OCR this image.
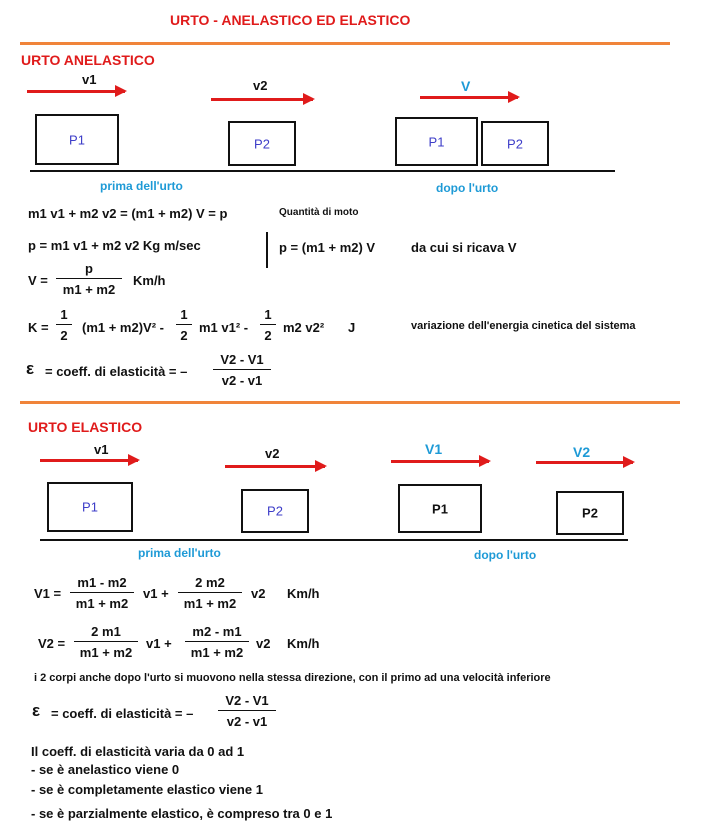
URTO - ANELASTICO ED ELASTICO
URTO ANELASTICO
v1	v2	V
P1	P2	P1	P2
prima dell'urto	dopo l'urto
m1 v1 + m2 v2 = (m1 + m2) V = p	Quantità di moto
p = m1 v1 + m2 v2 Kg m/sec	p = (m1 + m2) V	da cui si ricava V
$V = \frac{p}{m1 + m2} Km/h$
$K = \frac{1}{2} (m1 + m2)V^2 - \frac{1}{2} m1$ $v1^2 - \frac{1}{2} m2$ v2² J	variazione dell'energia cinetica del sistema
ε = coeff. di elasticità = – $\frac{V2 - V1}{v2 - v1}$
URTO ELASTICO
v1	v2	V1	V2
P1	P2	P1	P2
prima dell'urto	dopo l'urto
$V1 = \frac{m1 - m2}{m1 + m2} v1 + \frac{2 m2}{m1 + m2} v2$ Km/h
$V2 = \frac{2 m1}{m1 + m2} v1 + \frac{m2 - m1}{m1 + m2} v2$ Km/h
i 2 corpi anche dopo l'urto si muovono nella stessa direzione, con il primo ad una velocità inferiore
ε = coeff. di elasticità = – $\frac{V2 - V1}{v2 - v1}$
Il coeff. di elasticità varia da 0 ad 1
- se è anelastico viene 0
- se è completamente elastico viene 1
- se è parzialmente elastico, è compreso tra 0 e 1
